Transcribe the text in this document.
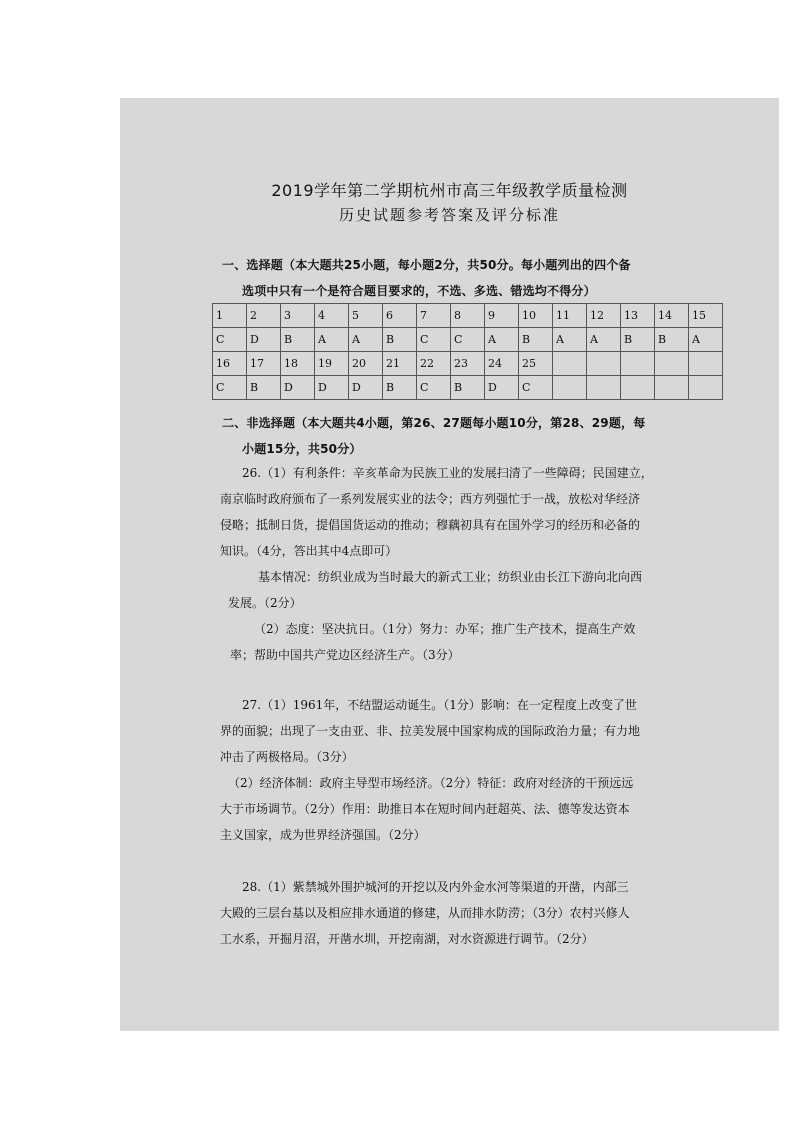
2019学年第二学期杭州市高三年级教学质量检测
历史试题参考答案及评分标准
一、选择题（本大题共25小题，每小题2分，共50分。每小题列出的四个备
选项中只有一个是符合题目要求的，不选、多选、错选均不得分）
1	2	3	4	5	6	7	8	9	10	11	12	13	14	15
C	D	B	A	A	B	C	C	A	B	A	A	B	B	A
16	17	18	19	20	21	22	23	24	25					
C	B	D	D	D	B	C	B	D	C					
二、非选择题（本大题共4小题，第26、27题每小题10分，第28、29题，每
小题15分，共50分）
26.（1）有利条件：辛亥革命为民族工业的发展扫清了一些障碍；民国建立，
南京临时政府颁布了一系列发展实业的法令；西方列强忙于一战，放松对华经济
侵略；抵制日货，提倡国货运动的推动；穆藕初具有在国外学习的经历和必备的
知识。（4分，答出其中4点即可）
基本情况：纺织业成为当时最大的新式工业；纺织业由长江下游向北向西
发展。（2分）
（2）态度：坚决抗日。（1分）努力：办军；推广生产技术，提高生产效
率；帮助中国共产党边区经济生产。（3分）
27.（1）1961年，不结盟运动诞生。（1分）影响：在一定程度上改变了世
界的面貌；出现了一支由亚、非、拉美发展中国家构成的国际政治力量；有力地
冲击了两极格局。（3分）
（2）经济体制：政府主导型市场经济。（2分）特征：政府对经济的干预远远
大于市场调节。（2分）作用：助推日本在短时间内赶超英、法、德等发达资本
主义国家，成为世界经济强国。（2分）
28.（1）紫禁城外围护城河的开挖以及内外金水河等渠道的开凿，内部三
大殿的三层台基以及相应排水通道的修建，从而排水防涝；（3分）农村兴修人
工水系，开掘月沼，开凿水圳，开挖南湖，对水资源进行调节。（2分）
